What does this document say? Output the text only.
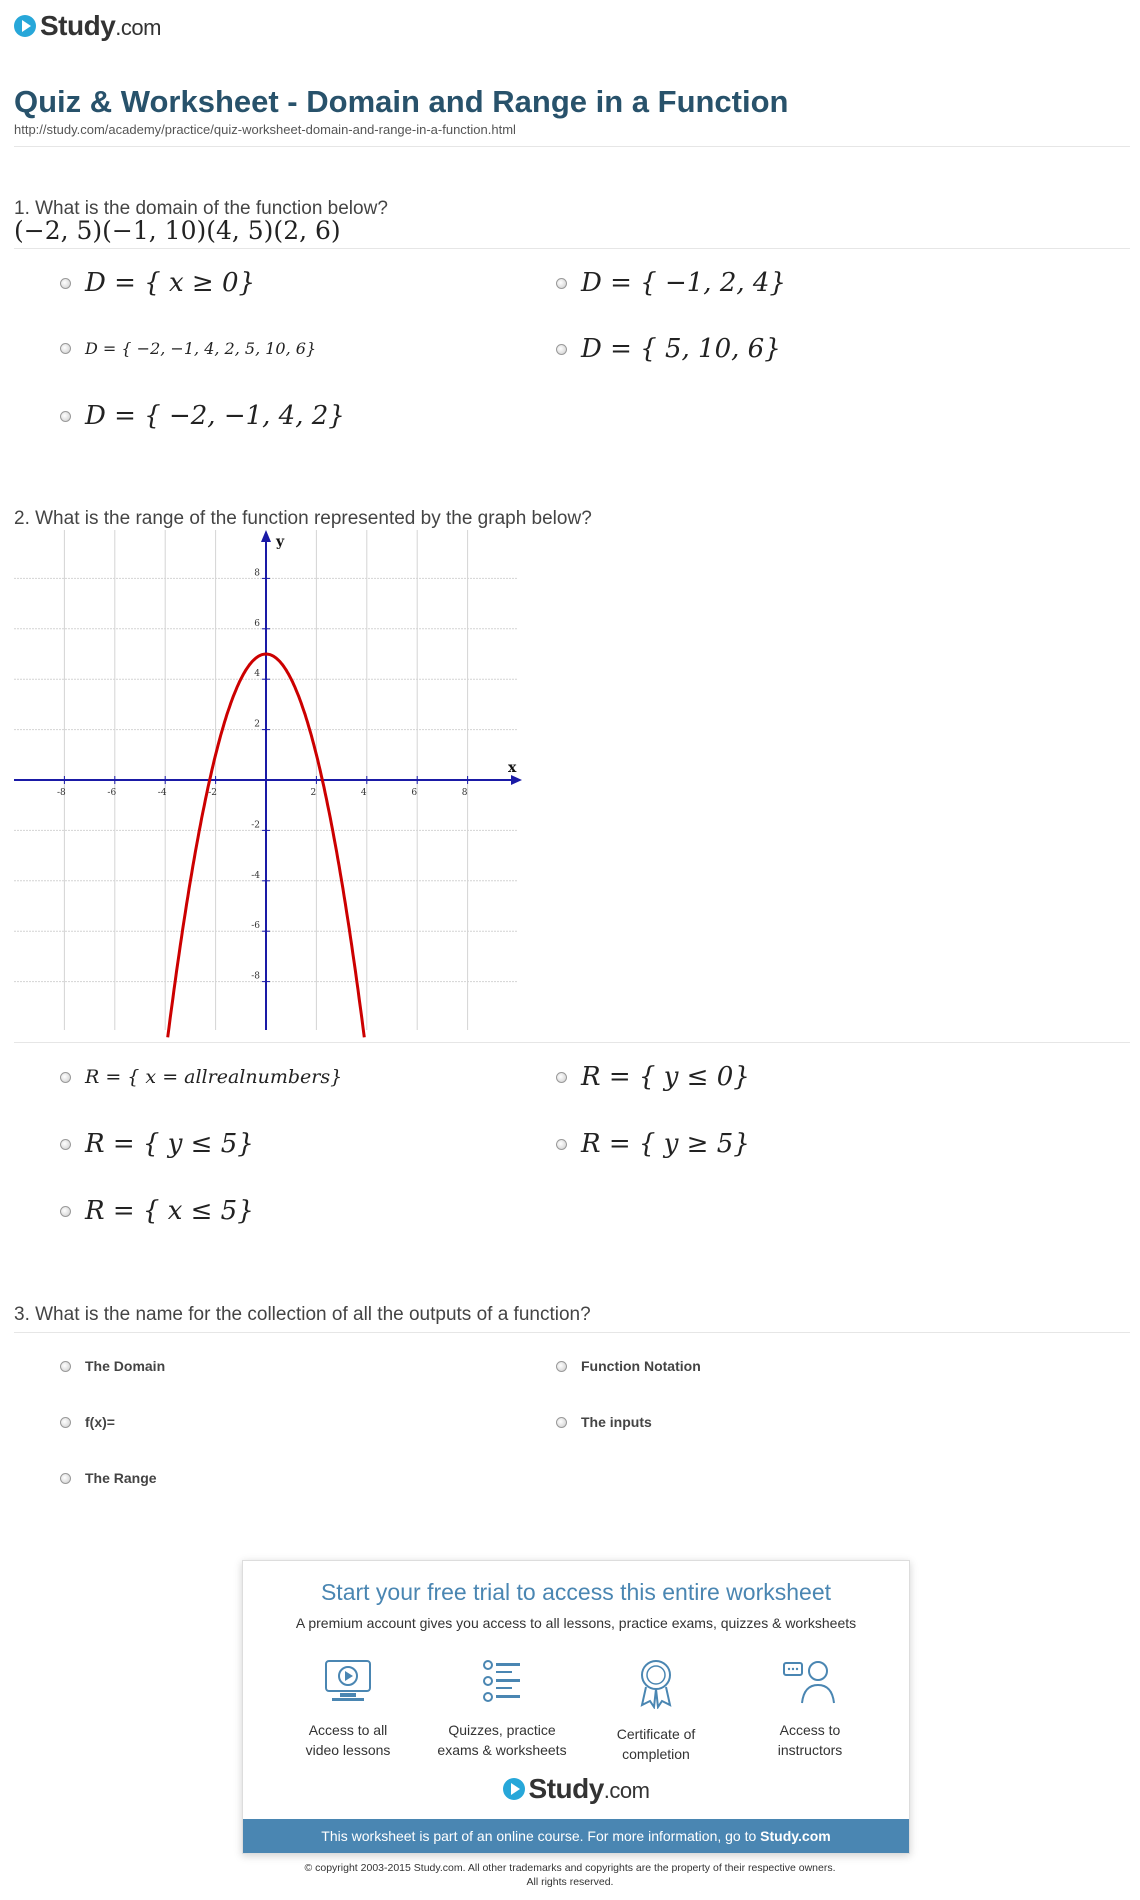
Study.com
Quiz & Worksheet - Domain and Range in a Function
http://study.com/academy/practice/quiz-worksheet-domain-and-range-in-a-function.html
1. What is the domain of the function below?
(−2, 5)(−1, 10)(4, 5)(2, 6)
D = { x ≥ 0}	D = { −1, 2, 4}
D = { −2, −1, 4, 2, 5, 10, 6}	D = { 5, 10, 6}
D = { −2, −1, 4, 2}
2. What is the range of the function represented by the graph below?
-8	-6	-4	-2	2	4	6	8
8
6
4
2
-2
-4
-6
-8
x
y
R = { x = allrealnumbers}	R = { y ≤ 0}
R = { y ≤ 5}	R = { y ≥ 5}
R = { x ≤ 5}
3. What is the name for the collection of all the outputs of a function?
The Domain	Function Notation
f(x)=	The inputs
The Range
Start your free trial to access this entire worksheet
A premium account gives you access to all lessons, practice exams, quizzes & worksheets
Access to all
video lessons
Quizzes, practice
exams & worksheets
Certificate of
completion
Access to
instructors
Study.com
This worksheet is part of an online course. For more information, go to Study.com
© copyright 2003-2015 Study.com. All other trademarks and copyrights are the property of their respective owners.
All rights reserved.
